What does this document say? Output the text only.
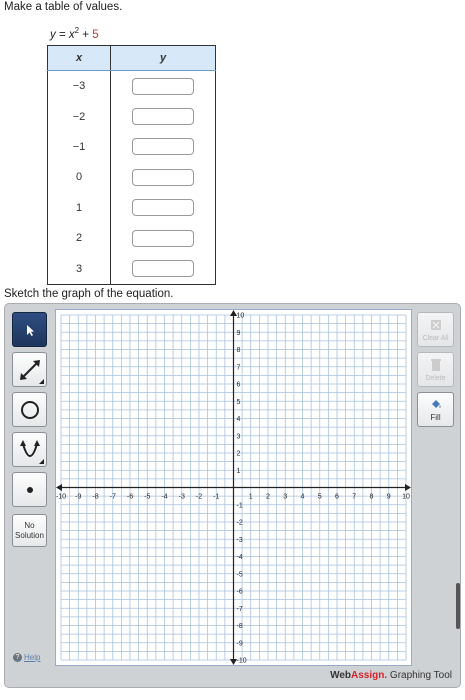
Make a table of values.
$y = x^2 + 5$
x	y
−3	
−2	
−1	
0	
1	
2	
3	
Sketch the graph of the equation.
No
Solution
? Help
-10 -9 -8 -7 -6 -5 -4 -3 -2 -1	1 2 3 4 5 6 7 8 9 10
-10
-9
-8
-7
-6
-5
-4
-3
-2
-1
1
2
3
4
5
6
7
8
9
10
Clear All
Delete
Fill
WebAssign. Graphing Tool
